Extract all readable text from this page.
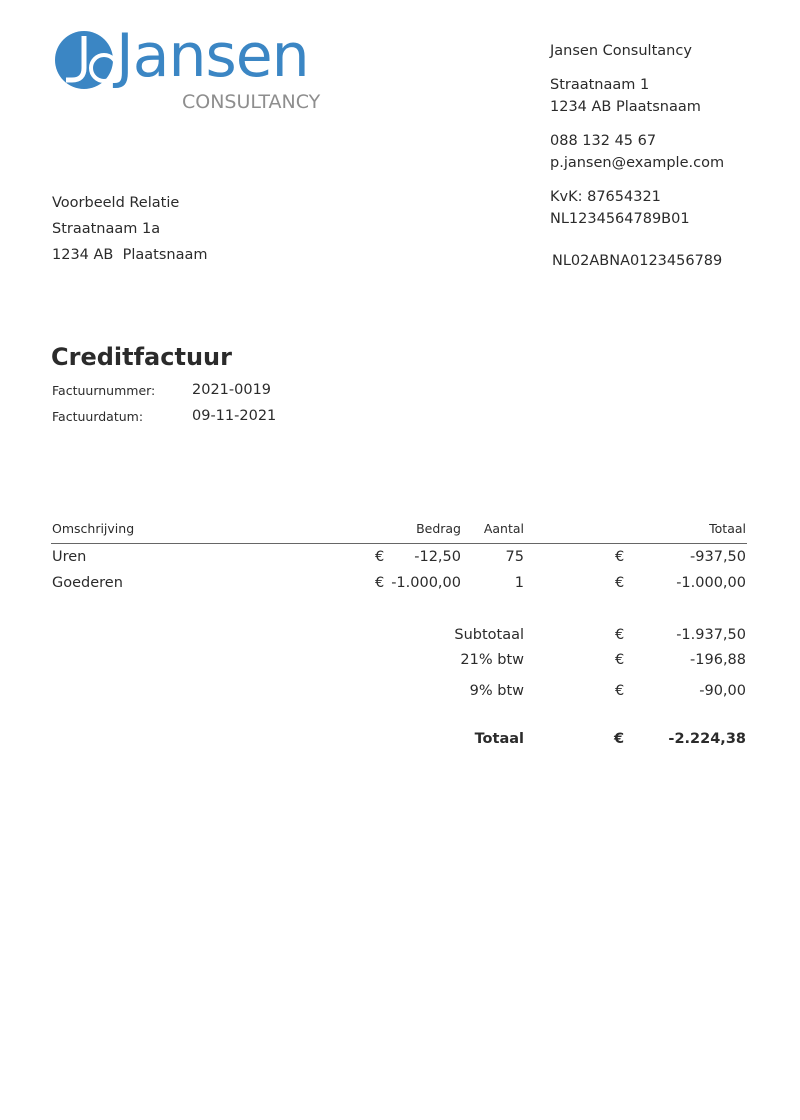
Jansen
CONSULTANCY
Jansen Consultancy
Straatnaam 1
1234 AB Plaatsnaam
088 132 45 67
p.jansen@example.com
KvK: 87654321
NL1234564789B01
NL02ABNA0123456789
Voorbeeld Relatie
Straatnaam 1a
1234 AB  Plaatsnaam
Creditfactuur
Factuurnummer:	2021-0019
Factuurdatum:	09-11-2021
Omschrijving	Bedrag	Aantal	Totaal
Uren	€	-12,50	75	€	-937,50
Goederen	€ -1.000,00	1	€	-1.000,00
Subtotaal	€	-1.937,50
21% btw	€	-196,88
9% btw	€	-90,00
Totaal	€	-2.224,38
